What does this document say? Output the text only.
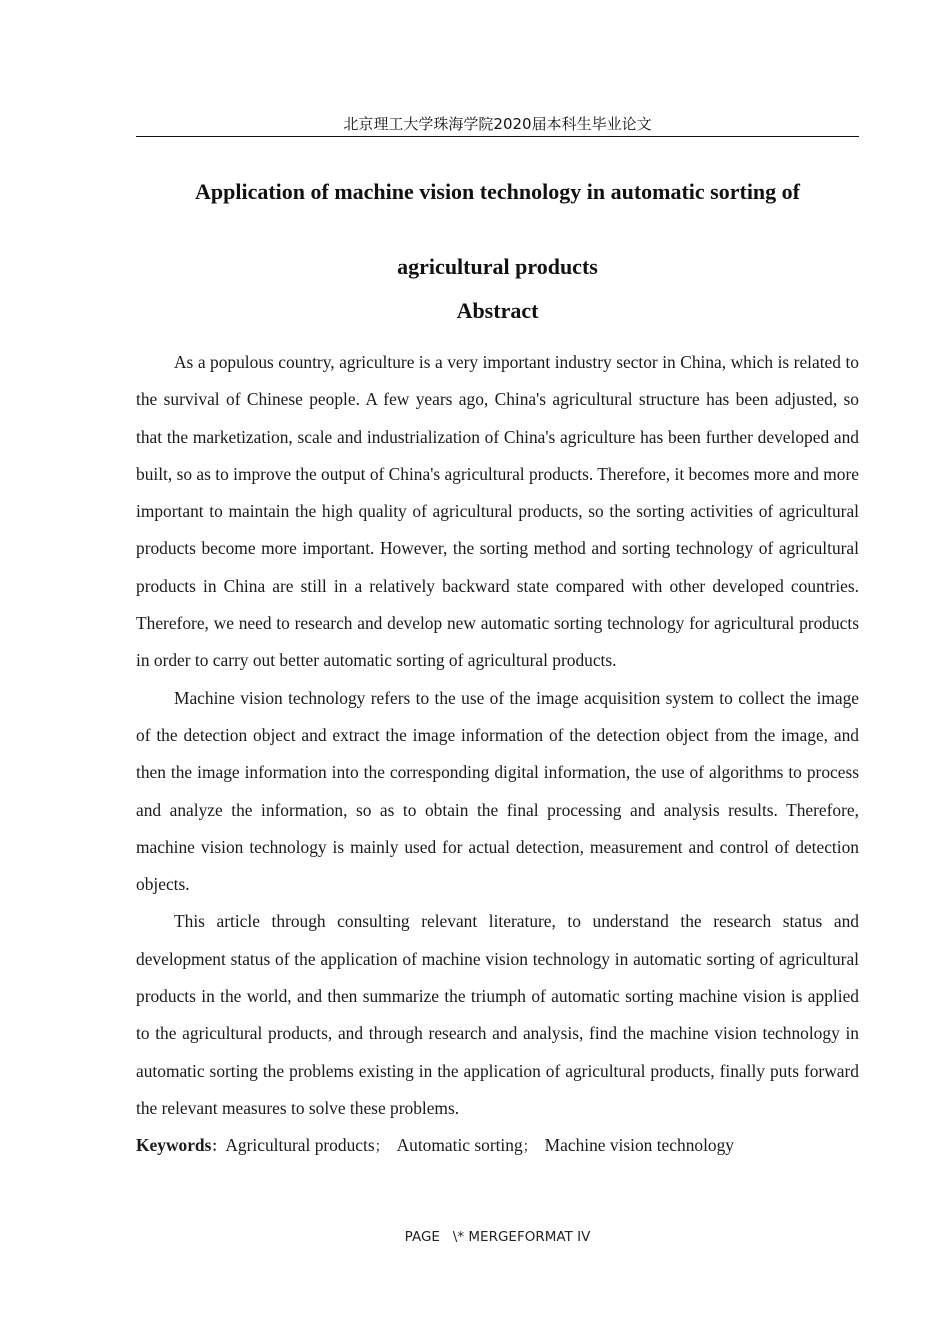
北京理工大学珠海学院2020届本科生毕业论文
Application of machine vision technology in automatic sorting of
agricultural products
Abstract

As a populous country, agriculture is a very important industry sector in China, which is related to the survival of Chinese people. A few years ago, China's agricultural structure has been adjusted, so that the marketization, scale and industrialization of China's agriculture has been further developed and built, so as to improve the output of China's agricultural products. Therefore, it becomes more and more important to maintain the high quality of agricultural products, so the sorting activities of agricultural products become more important. However, the sorting method and sorting technology of agricultural products in China are still in a relatively backward state compared with other developed countries. Therefore, we need to research and develop new automatic sorting technology for agricultural products in order to carry out better automatic sorting of agricultural products.

Machine vision technology refers to the use of the image acquisition system to collect the image of the detection object and extract the image information of the detection object from the image, and then the image information into the corresponding digital information, the use of algorithms to process and analyze the information, so as to obtain the final processing and analysis results. Therefore, machine vision technology is mainly used for actual detection, measurement and control of detection objects.

This article through consulting relevant literature, to understand the research status and development status of the application of machine vision technology in automatic sorting of agricultural products in the world, and then summarize the triumph of automatic sorting machine vision is applied to the agricultural products, and through research and analysis, find the machine vision technology in automatic sorting the problems existing in the application of agricultural products, finally puts forward the relevant measures to solve these problems.

Keywords：Agricultural products； Automatic sorting； Machine vision technology
PAGE   \* MERGEFORMAT IV
